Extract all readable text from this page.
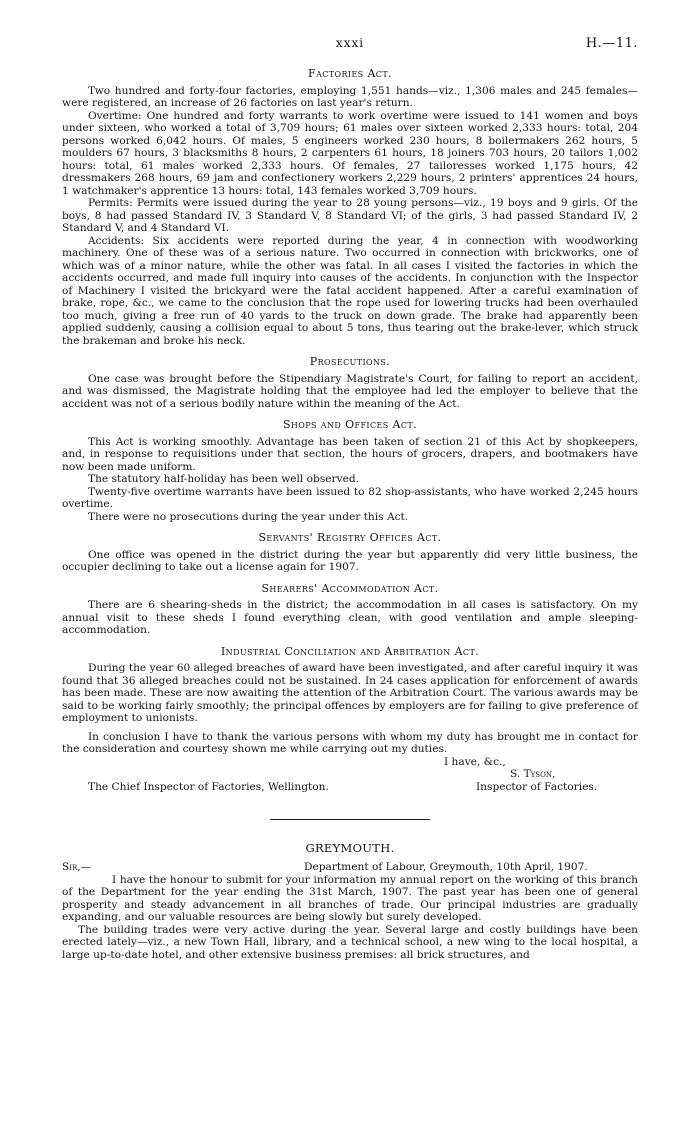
xxxi	H.—11.
Factories Act.

Two hundred and forty-four factories, employing 1,551 hands—viz., 1,306 males and 245 females—were registered, an increase of 26 factories on last year's return.

Overtime: One hundred and forty warrants to work overtime were issued to 141 women and boys under sixteen, who worked a total of 3,709 hours; 61 males over sixteen worked 2,333 hours: total, 204 persons worked 6,042 hours. Of males, 5 engineers worked 230 hours, 8 boilermakers 262 hours, 5 moulders 67 hours, 3 blacksmiths 8 hours, 2 carpenters 61 hours, 18 joiners 703 hours, 20 tailors 1,002 hours: total, 61 males worked 2,333 hours. Of females, 27 tailoresses worked 1,175 hours, 42 dressmakers 268 hours, 69 jam and confectionery workers 2,229 hours, 2 printers' apprentices 24 hours, 1 watchmaker's apprentice 13 hours: total, 143 females worked 3,709 hours.

Permits: Permits were issued during the year to 28 young persons—viz., 19 boys and 9 girls. Of the boys, 8 had passed Standard IV, 3 Standard V, 8 Standard VI; of the girls, 3 had passed Standard IV, 2 Standard V, and 4 Standard VI.

Accidents: Six accidents were reported during the year, 4 in connection with woodworking machinery. One of these was of a serious nature. Two occurred in connection with brickworks, one of which was of a minor nature, while the other was fatal. In all cases I visited the factories in which the accidents occurred, and made full inquiry into causes of the accidents. In conjunction with the Inspector of Machinery I visited the brickyard were the fatal accident happened. After a careful examination of brake, rope, &c., we came to the conclusion that the rope used for lowering trucks had been overhauled too much, giving a free run of 40 yards to the truck on down grade. The brake had apparently been applied suddenly, causing a collision equal to about 5 tons, thus tearing out the brake-lever, which struck the brakeman and broke his neck.

Prosecutions.

One case was brought before the Stipendiary Magistrate's Court, for failing to report an accident, and was dismissed, the Magistrate holding that the employee had led the employer to believe that the accident was not of a serious bodily nature within the meaning of the Act.

Shops and Offices Act.

This Act is working smoothly. Advantage has been taken of section 21 of this Act by shopkeepers, and, in response to requisitions under that section, the hours of grocers, drapers, and bootmakers have now been made uniform.

The statutory half-holiday has been well observed.

Twenty-five overtime warrants have been issued to 82 shop-assistants, who have worked 2,245 hours overtime.

There were no prosecutions during the year under this Act.

Servants' Registry Offices Act.

One office was opened in the district during the year but apparently did very little business, the occupier declining to take out a license again for 1907.

Shearers' Accommodation Act.

There are 6 shearing-sheds in the district; the accommodation in all cases is satisfactory. On my annual visit to these sheds I found everything clean, with good ventilation and ample sleeping-accommodation.

Industrial Conciliation and Arbitration Act.

During the year 60 alleged breaches of award have been investigated, and after careful inquiry it was found that 36 alleged breaches could not be sustained. In 24 cases application for enforcement of awards has been made. These are now awaiting the attention of the Arbitration Court. The various awards may be said to be working fairly smoothly; the principal offences by employers are for failing to give preference of employment to unionists.

In conclusion I have to thank the various persons with whom my duty has brought me in contact for the consideration and courtesy shown me while carrying out my duties.

I have, &c.,
S. Tyson,
The Chief Inspector of Factories, Wellington.	Inspector of Factories.
GREYMOUTH.
Sir,—	Department of Labour, Greymouth, 10th April, 1907.

I have the honour to submit for your information my annual report on the working of this branch of the Department for the year ending the 31st March, 1907. The past year has been one of general prosperity and steady advancement in all branches of trade. Our principal industries are gradually expanding, and our valuable resources are being slowly but surely developed.

The building trades were very active during the year. Several large and costly buildings have been erected lately—viz., a new Town Hall, library, and a technical school, a new wing to the local hospital, a large up-to-date hotel, and other extensive business premises: all brick structures, and
